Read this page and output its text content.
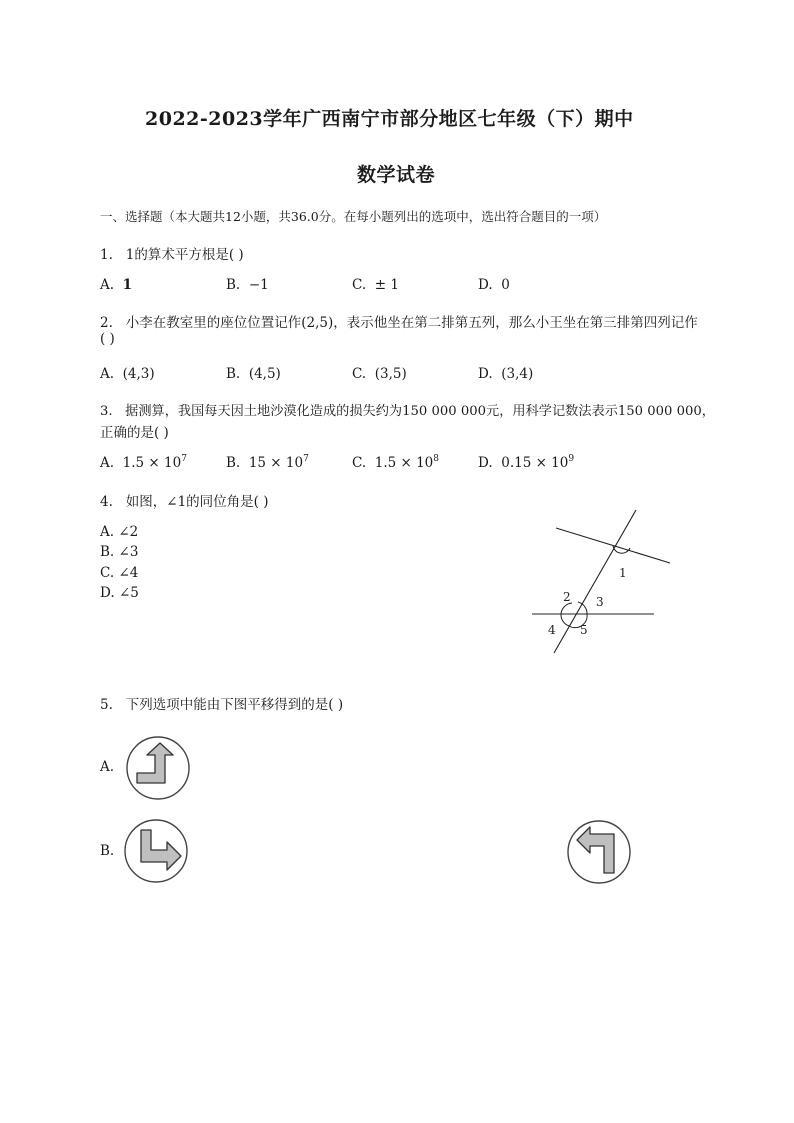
2022-2023学年广西南宁市部分地区七年级（下）期中
数学试卷
一、选择题（本大题共12小题，共36.0分。在每小题列出的选项中，选出符合题目的一项）
1. 1的算术平方根是( )
A. 1	B. −1	C. ± 1	D. 0
2. 小李在教室里的座位位置记作(2,5)，表示他坐在第二排第五列，那么小王坐在第三排第四列记作
( )
A. (4,3)	B. (4,5)	C. (3,5)	D. (3,4)
3. 据测算，我国每天因土地沙漠化造成的损失约为150 000 000元，用科学记数法表示150 000 000，
正确的是( )
A. $1.5 \times 10^7$	B. $15 \times 10^7$	C. $1.5 \times 10^8$	D. $0.15 \times 10^9$
4. 如图，∠1的同位角是( )
A. ∠2
B. ∠3
C. ∠4
D. ∠5
1
2 3
4 5
5. 下列选项中能由下图平移得到的是( )
A.
B.
